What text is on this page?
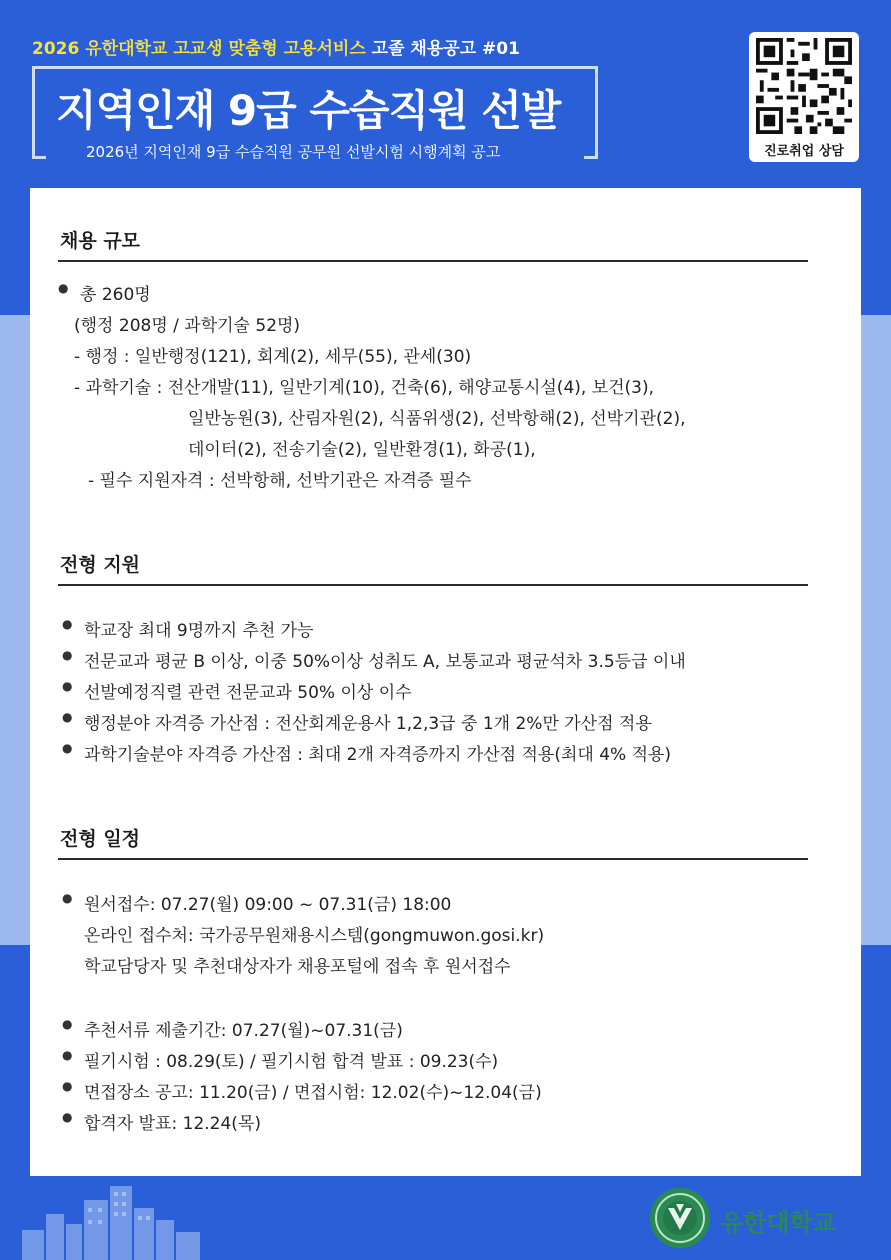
2026 유한대학교 고교생 맞춤형 고용서비스 고졸 채용공고 #01
지역인재 9급 수습직원 선발
2026년 지역인재 9급 수습직원 공무원 선발시험 시행계획 공고	진로취업 상담
채용 규모
● 총 260명
(행정 208명 / 과학기술 52명)
- 행정 : 일반행정(121), 회계(2), 세무(55), 관세(30)
- 과학기술 : 전산개발(11), 일반기계(10), 건축(6), 해양교통시설(4), 보건(3),
일반농원(3), 산림자원(2), 식품위생(2), 선박항해(2), 선박기관(2),
데이터(2), 전송기술(2), 일반환경(1), 화공(1),
- 필수 지원자격 : 선박항해, 선박기관은 자격증 필수
전형 지원
● 학교장 최대 9명까지 추천 가능
● 전문교과 평균 B 이상, 이중 50%이상 성취도 A, 보통교과 평균석차 3.5등급 이내
● 선발예정직렬 관련 전문교과 50% 이상 이수
● 행정분야 자격증 가산점 : 전산회계운용사 1,2,3급 중 1개 2%만 가산점 적용
● 과학기술분야 자격증 가산점 : 최대 2개 자격증까지 가산점 적용(최대 4% 적용)
전형 일정
● 원서접수: 07.27(월) 09:00 ~ 07.31(금) 18:00
온라인 접수처: 국가공무원채용시스템(gongmuwon.gosi.kr)
학교담당자 및 추천대상자가 채용포털에 접속 후 원서접수
● 추천서류 제출기간: 07.27(월)~07.31(금)
● 필기시험 : 08.29(토) / 필기시험 합격 발표 : 09.23(수)
● 면접장소 공고: 11.20(금) / 면접시험: 12.02(수)~12.04(금)
● 합격자 발표: 12.24(목)
유한대학교
